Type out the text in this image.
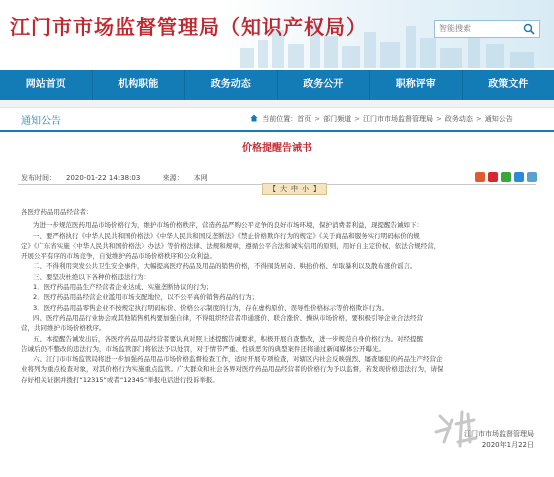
江门市市场监督管理局（知识产权局）
智能搜索
网站首页	机构职能	政务动态	政务公开	职称评审	政策文件
通知公告	当前位置：首页 > 部门频道 > 江门市市场监督管理局 > 政务动态 > 通知公告
价格提醒告诫书
发布时间： 2020-01-22 14:38:03	来源： 本网
【 大 中 小 】

各医疗药品用品经营者：

为进一步规范医药用品市场价格行为，维护市场价格秩序，营造药品严购公平竞争的良好市场环境，保护消费者利益，现提醒告诫如下：

一、要严格执行《中华人民共和国价格法》《中华人民共和国反垄断法》《禁止价格欺诈行为的规定》《关于商品和服务实行明码标价的规

定》《广东省实施〈中华人民共和国价格法〉办法》等价格法律、法规和规章，遵循公平合法和诚实信用的原则，用好自主定价权，依法合规经营，

开展公平有序的市场竞争，自觉维护药品市场价格秩序和公众利益。

二、不得利用突发公共卫生安全事件，大幅提高医疗药品及用品的销售价格，不得囤货居奇、哄抬价格、牟取暴利以及散布涨价谣言。

三、要坚决杜绝以下各种价格违法行为：

1．医疗药品用品生产经营者企业达成、实施垄断协议的行为；

2．医疗药品用品经营企业滥用市场支配地位，以不公平高价销售药品的行为；

3．医疗药品用品零售企业不按规定执行明码标价、价格公示制度的行为，存在虚构原价、误导性价格标示等价格欺诈行为。

四、医疗药品用品行业协会或其他销售机构要加强自律，不得组织经营者串通涨价、联合涨价、操纵市场价格，要积极引导企业合法经营

营，共同维护市场价格秩序。

五、本提醒告诫发出后，各医疗药品用品经营者要认真对照上述提醒告诫要求，积极开展自查整改，进一步规范自身价格行为。对经提醒

告诫后仍不整改的违法行为，市场监管部门将依法予以处罚，对于情节严重、性质恶劣的典型案件还将通过新闻媒体公开曝光。

六、江门市市场监管局将进一步加强药品用品市场价格监督检查工作，适时开展专项检查，对辖区内社会反映强烈、屡查屡犯的药品生产经营企

业将列为重点检查对象，对其价格行为实施重点监管。广大群众和社会各界对医疗药品用品经营者的价格行为予以监督，若发现价格违法行为，请保

存好相关证据并拨打“12315”或者“12345”举报电话进行投诉举报。

江门市市场监督管理局
2020年1月22日
